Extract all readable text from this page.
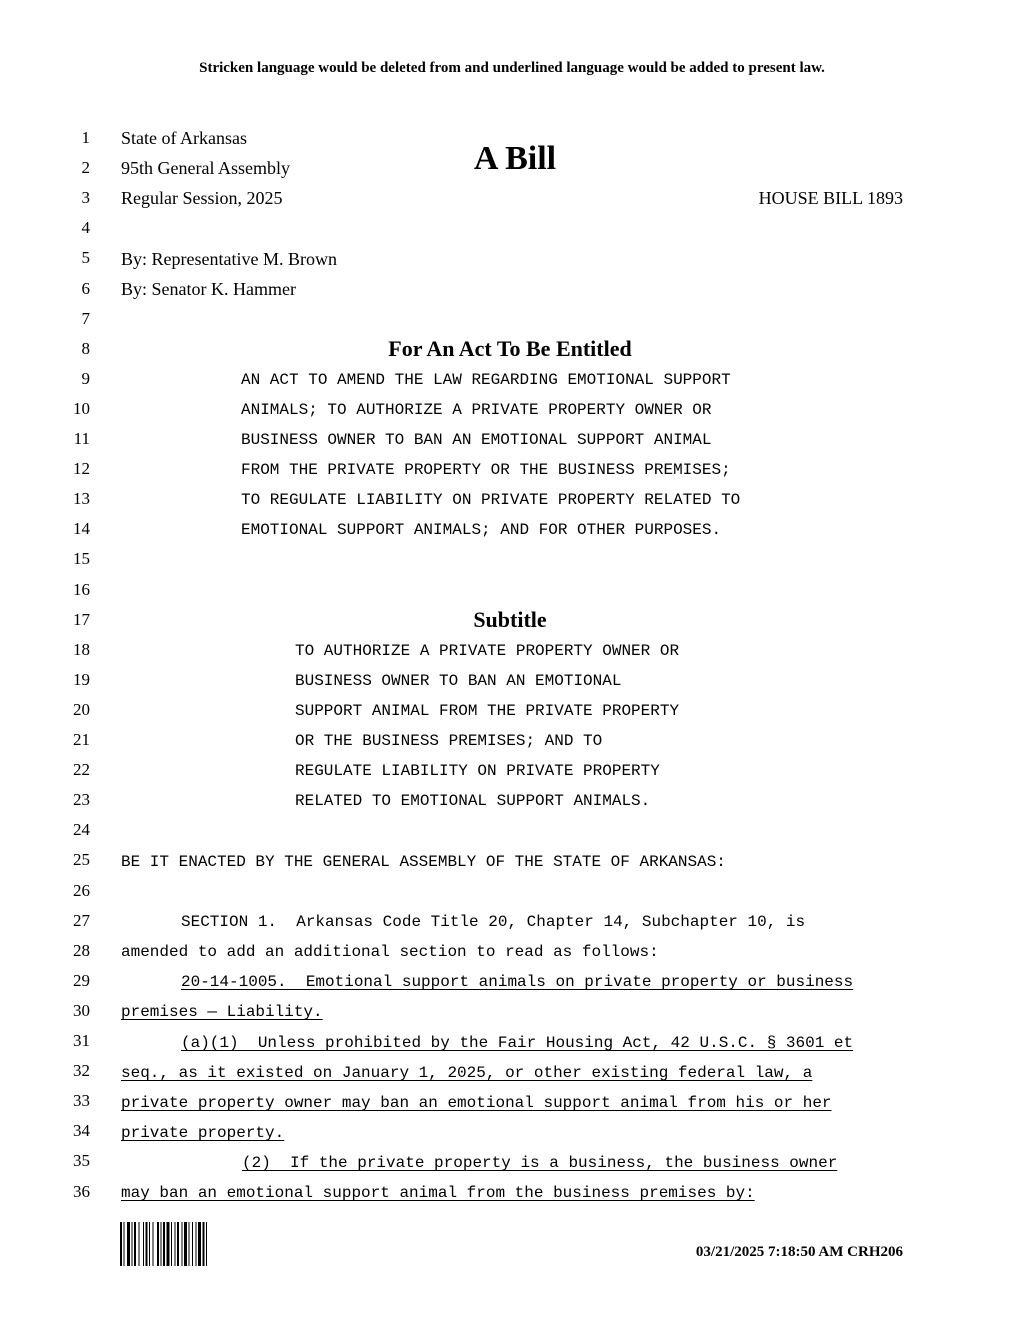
Stricken language would be deleted from and underlined language would be added to present law.
1
2
3
4
5
6
7
8
9
10
11
12
13
14
15
16
17
18
19
20
21
22
23
24
25
26
27
28
29
30
31
32
33
34
35
36
State of Arkansas
95th General Assembly	A Bill
Regular Session, 2025	HOUSE BILL 1893
By: Representative M. Brown
By: Senator K. Hammer
For An Act To Be Entitled
AN ACT TO AMEND THE LAW REGARDING EMOTIONAL SUPPORT
ANIMALS; TO AUTHORIZE A PRIVATE PROPERTY OWNER OR
BUSINESS OWNER TO BAN AN EMOTIONAL SUPPORT ANIMAL
FROM THE PRIVATE PROPERTY OR THE BUSINESS PREMISES;
TO REGULATE LIABILITY ON PRIVATE PROPERTY RELATED TO
EMOTIONAL SUPPORT ANIMALS; AND FOR OTHER PURPOSES.
Subtitle
TO AUTHORIZE A PRIVATE PROPERTY OWNER OR
BUSINESS OWNER TO BAN AN EMOTIONAL
SUPPORT ANIMAL FROM THE PRIVATE PROPERTY
OR THE BUSINESS PREMISES; AND TO
REGULATE LIABILITY ON PRIVATE PROPERTY
RELATED TO EMOTIONAL SUPPORT ANIMALS.
BE IT ENACTED BY THE GENERAL ASSEMBLY OF THE STATE OF ARKANSAS:
SECTION 1.  Arkansas Code Title 20, Chapter 14, Subchapter 10, is
amended to add an additional section to read as follows:
20-14-1005.  Emotional support animals on private property or business
premises — Liability.
(a)(1)  Unless prohibited by the Fair Housing Act, 42 U.S.C. § 3601 et
seq., as it existed on January 1, 2025, or other existing federal law, a
private property owner may ban an emotional support animal from his or her
private property.
(2)  If the private property is a business, the business owner
may ban an emotional support animal from the business premises by:
03/21/2025 7:18:50 AM CRH206
